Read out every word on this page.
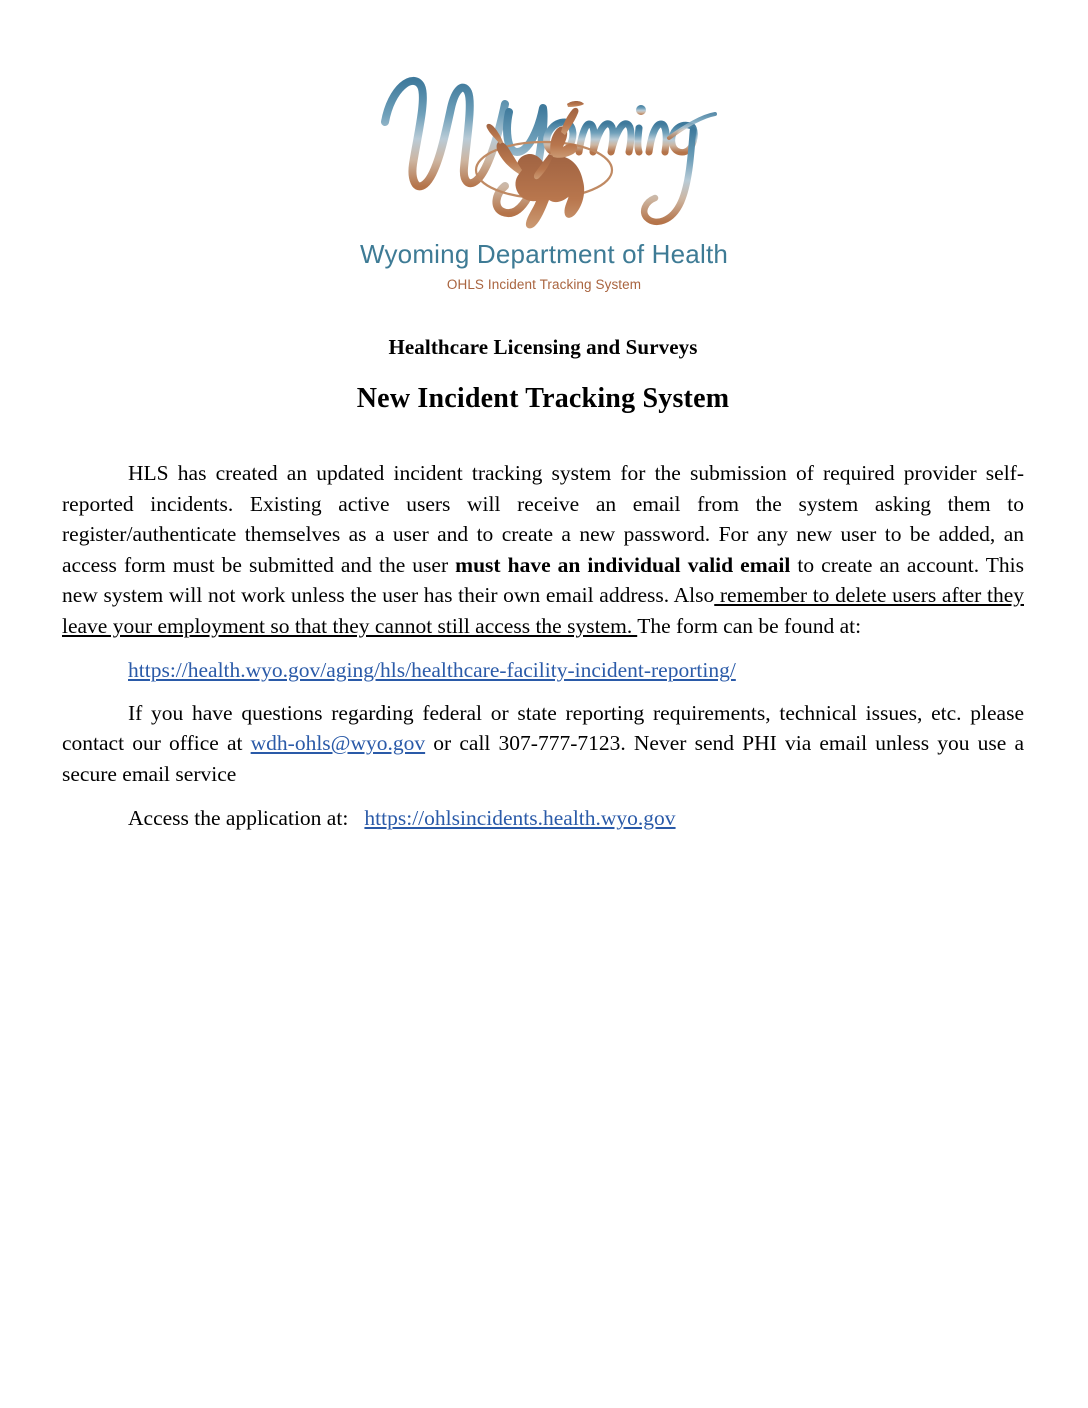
Wyoming Department of Health
OHLS Incident Tracking System
Healthcare Licensing and Surveys
New Incident Tracking System

HLS has created an updated incident tracking system for the submission of required provider self-reported incidents. Existing active users will receive an email from the system asking them to register/authenticate themselves as a user and to create a new password. For any new user to be added, an access form must be submitted and the user must have an individual valid email to create an account. This new system will not work unless the user has their own email address. Also remember to delete users after they leave your employment so that they cannot still access the system. The form can be found at:

https://health.wyo.gov/aging/hls/healthcare-facility-incident-reporting/

If you have questions regarding federal or state reporting requirements, technical issues, etc. please contact our office at wdh-ohls@wyo.gov or call 307-777-7123. Never send PHI via email unless you use a secure email service

Access the application at:   https://ohlsincidents.health.wyo.gov
